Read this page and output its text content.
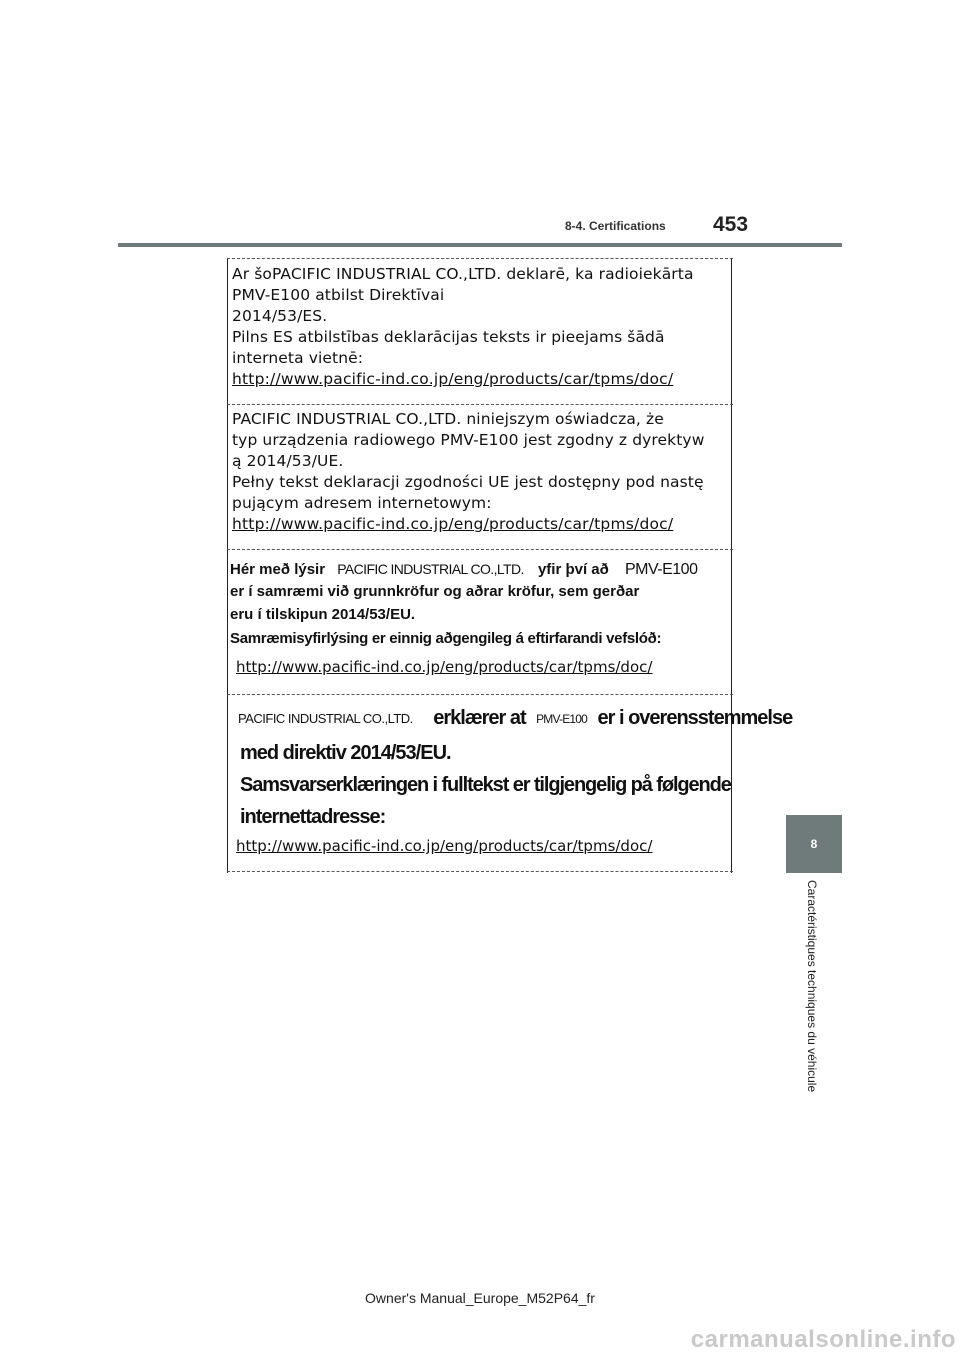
8-4. Certifications 453
8
Caractéristiques techniques du véhicule
Ar šoPACIFIC INDUSTRIAL CO.,LTD. deklarē, ka radioiekārta
PMV-E100 atbilst Direktīvai
2014/53/ES.
Pilns ES atbilstības deklarācijas teksts ir pieejams šādā
interneta vietnē:
http://www.pacific-ind.co.jp/eng/products/car/tpms/doc/
PACIFIC INDUSTRIAL CO.,LTD. niniejszym oświadcza, że
typ urządzenia radiowego PMV-E100 jest zgodny z dyrektyw
ą 2014/53/UE.
Pełny tekst deklaracji zgodności UE jest dostępny pod nastę
pującym adresem internetowym:
http://www.pacific-ind.co.jp/eng/products/car/tpms/doc/
Hér með lýsir PACIFIC INDUSTRIAL CO.,LTD. yfir því að PMV-E100
er í samræmi við grunnkröfur og aðrar kröfur, sem gerðar
eru í tilskipun 2014/53/EU.
Samræmisyfirlýsing er einnig aðgengileg á eftirfarandi vefslóð:
http://www.pacific-ind.co.jp/eng/products/car/tpms/doc/
PACIFIC INDUSTRIAL CO.,LTD. erklærer at PMV-E100 er i overensstemmelse
med direktiv 2014/53/EU.
Samsvarserklæringen i fulltekst er tilgjengelig på følgende
internettadresse:
http://www.pacific-ind.co.jp/eng/products/car/tpms/doc/
Owner's Manual_Europe_M52P64_fr
carmanualsonline.info
